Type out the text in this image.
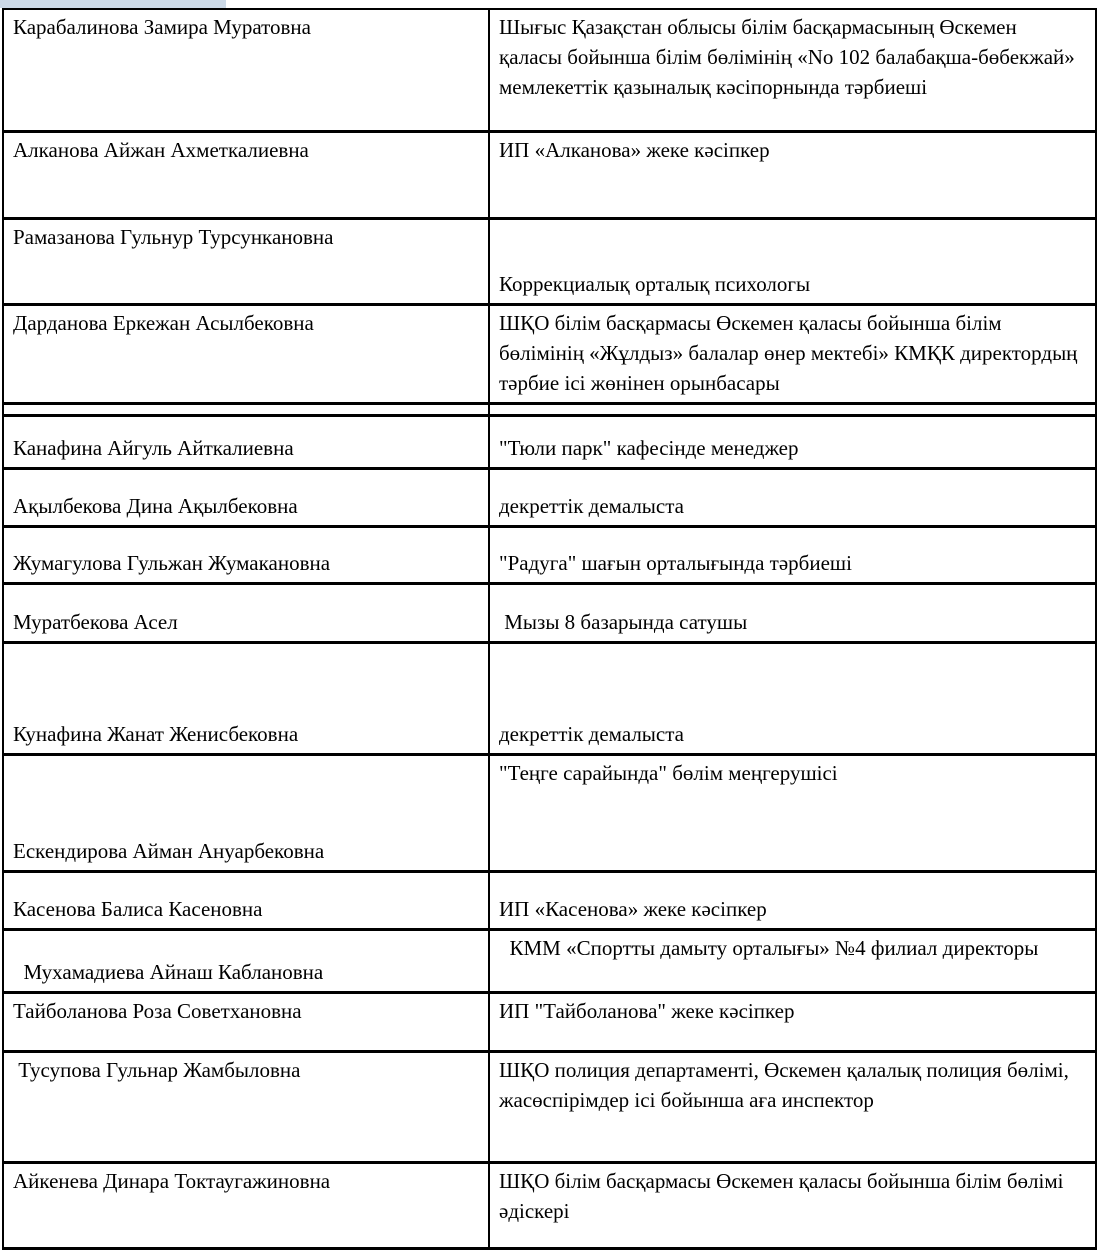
Карабалинова Замира Муратовна	Шығыс Қазақстан облысы білім басқармасының Өскемен қаласы бойынша білім бөлімінің «No 102 балабақша-бөбекжай» мемлекеттік қазыналық кәсіпорнында тәрбиеші
Алканова Айжан Ахметкалиевна	ИП «Алканова» жеке кәсіпкер
Рамазанова Гульнур Турсункановна	Коррекциалық орталық психологы
Дарданова Еркежан Асылбековна	ШҚО білім басқармасы Өскемен қаласы бойынша білім бөлімінің «Жұлдыз» балалар өнер мектебі» КМҚК директордың тәрбие ісі жөнінен орынбасары

Канафина Айгуль Айткалиевна	"Тюли парк" кафесінде менеджер
Ақылбекова Дина Ақылбековна	декреттік демалыста
Жумагулова Гульжан Жумакановна	"Радуга" шағын орталығында тәрбиеші
Муратбекова Асел	Мызы 8 базарында сатушы
Кунафина Жанат Женисбековна	декреттік демалыста
Ескендирова Айман Ануарбековна	"Теңге сарайында" бөлім меңгерушісі
Касенова Балиса Касеновна	ИП «Касенова» жеке кәсіпкер
Мухамадиева Айнаш Каблановна	КММ «Спортты дамыту орталығы» №4 филиал директоры
Тайболанова Роза Советхановна	ИП "Тайболанова" жеке кәсіпкер
Тусупова Гульнар Жамбыловна	ШҚО полиция департаменті, Өскемен қалалық полиция бөлімі, жасөспірімдер ісі бойынша аға инспектор
Айкенева Динара Токтаугажиновна	ШҚО білім басқармасы Өскемен қаласы бойынша білім бөлімі әдіскері
